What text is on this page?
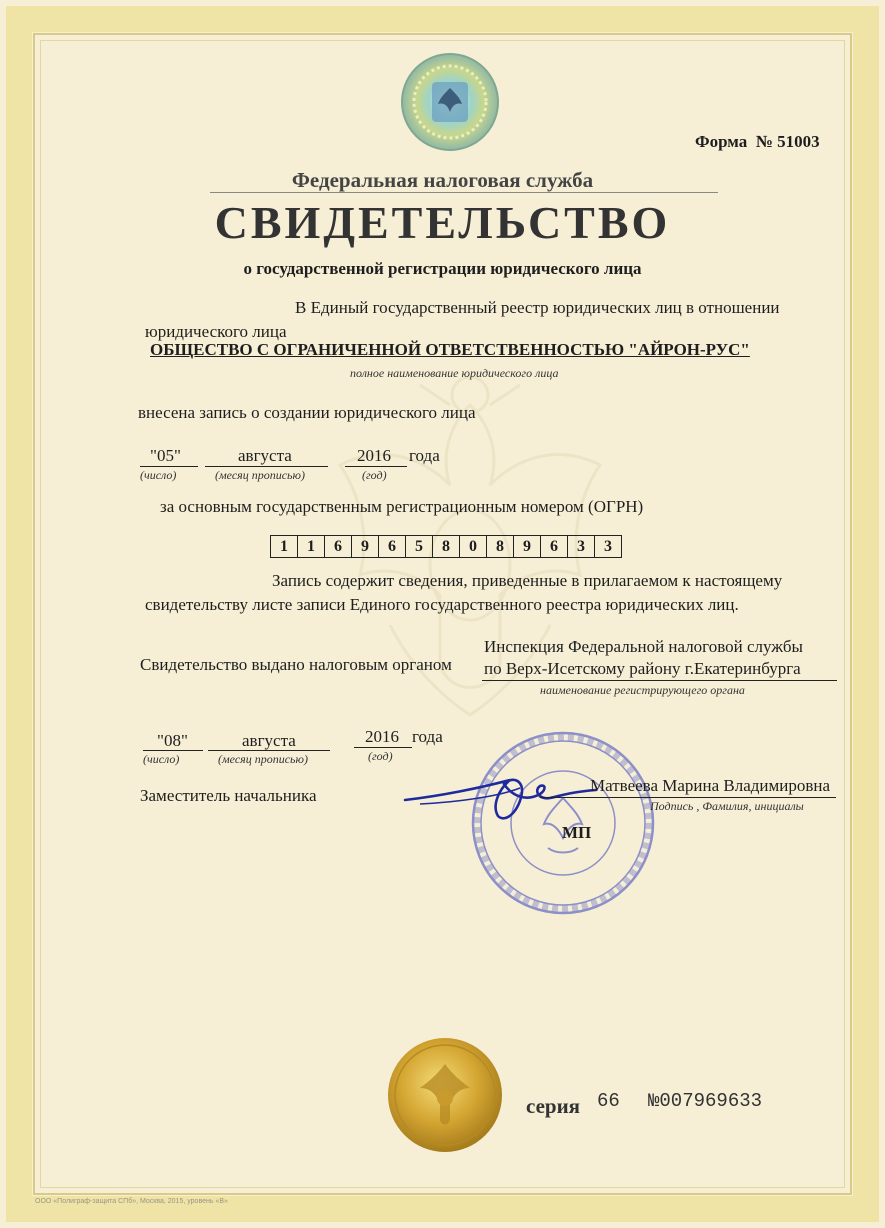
Форма № 51003
Федеральная налоговая служба
СВИДЕТЕЛЬСТВО
о государственной регистрации юридического лица
В Единый государственный реестр юридических лиц в отношении
юридического лица
ОБЩЕСТВО С ОГРАНИЧЕННОЙ ОТВЕТСТВЕННОСТЬЮ "АЙРОН-РУС"
полное наименование юридического лица
внесена запись о создании юридического лица
"05"
(число)
августа
(месяц прописью)
2016
(год)
года
за основным государственным регистрационным номером (ОГРН)
1	1	6	9	6	5	8	0	8	9	6	3	3
Запись содержит сведения, приведенные в прилагаемом к настоящему
свидетельству листе записи Единого государственного реестра юридических лиц.
Свидетельство выдано налоговым органом
Инспекция Федеральной налоговой службы
по Верх-Исетскому району г.Екатеринбурга
наименование регистрирующего органа
"08"
(число)
августа
(месяц прописью)
2016
(год)
года
Заместитель начальника
Матвеева Марина Владимировна
Подпись , Фамилия, инициалы
МП
серия 66 №007969633
ООО «Полиграф-защита СПб», Москва, 2015, уровень «В»
